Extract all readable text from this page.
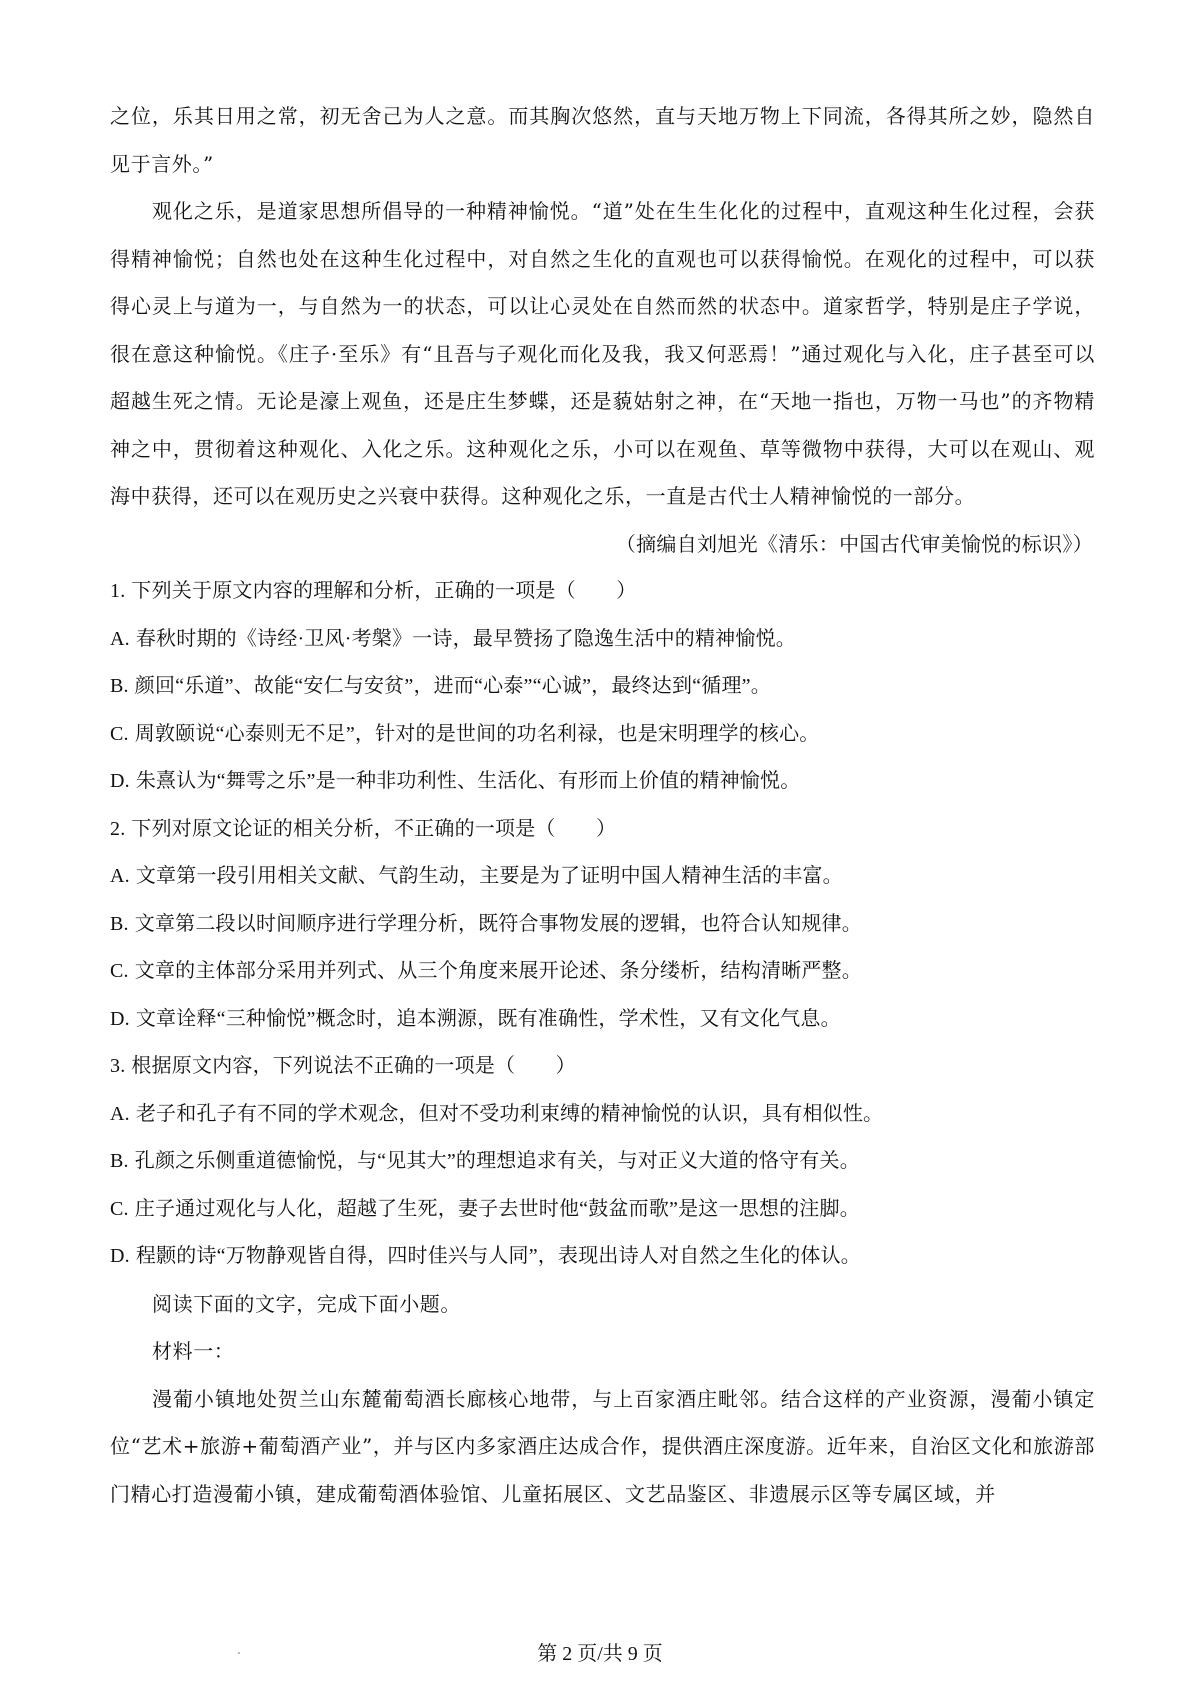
之位，乐其日用之常，初无舍己为人之意。而其胸次悠然，直与天地万物上下同流，各得其所之妙，隐然自见于言外。”

观化之乐，是道家思想所倡导的一种精神愉悦。“道”处在生生化化的过程中，直观这种生化过程，会获得精神愉悦；自然也处在这种生化过程中，对自然之生化的直观也可以获得愉悦。在观化的过程中，可以获得心灵上与道为一，与自然为一的状态，可以让心灵处在自然而然的状态中。道家哲学，特别是庄子学说，很在意这种愉悦。《庄子·至乐》有“且吾与子观化而化及我，我又何恶焉！”通过观化与入化，庄子甚至可以超越生死之情。无论是濠上观鱼，还是庄生梦蝶，还是藐姑射之神，在“天地一指也，万物一马也”的齐物精神之中，贯彻着这种观化、入化之乐。这种观化之乐，小可以在观鱼、草等微物中获得，大可以在观山、观海中获得，还可以在观历史之兴衰中获得。这种观化之乐，一直是古代士人精神愉悦的一部分。

（摘编自刘旭光《清乐：中国古代审美愉悦的标识》）

1. 下列关于原文内容的理解和分析，正确的一项是（　　）

A. 春秋时期的《诗经·卫风·考槃》一诗，最早赞扬了隐逸生活中的精神愉悦。

B. 颜回“乐道”、故能“安仁与安贫”，进而“心泰”“心诚”，最终达到“循理”。

C. 周敦颐说“心泰则无不足”，针对的是世间的功名利禄，也是宋明理学的核心。

D. 朱熹认为“舞雩之乐”是一种非功利性、生活化、有形而上价值的精神愉悦。

2. 下列对原文论证的相关分析，不正确的一项是（　　）

A. 文章第一段引用相关文献、气韵生动，主要是为了证明中国人精神生活的丰富。

B. 文章第二段以时间顺序进行学理分析，既符合事物发展的逻辑，也符合认知规律。

C. 文章的主体部分采用并列式、从三个角度来展开论述、条分缕析，结构清晰严整。

D. 文章诠释“三种愉悦”概念时，追本溯源，既有准确性，学术性，又有文化气息。

3. 根据原文内容，下列说法不正确的一项是（　　）

A. 老子和孔子有不同的学术观念，但对不受功利束缚的精神愉悦的认识，具有相似性。

B. 孔颜之乐侧重道德愉悦，与“见其大”的理想追求有关，与对正义大道的恪守有关。

C. 庄子通过观化与人化，超越了生死，妻子去世时他“鼓盆而歌”是这一思想的注脚。

D. 程颢的诗“万物静观皆自得，四时佳兴与人同”，表现出诗人对自然之生化的体认。

阅读下面的文字，完成下面小题。

材料一：

漫葡小镇地处贺兰山东麓葡萄酒长廊核心地带，与上百家酒庄毗邻。结合这样的产业资源，漫葡小镇定位“艺术+旅游+葡萄酒产业”，并与区内多家酒庄达成合作，提供酒庄深度游。近年来，自治区文化和旅游部门精心打造漫葡小镇，建成葡萄酒体验馆、儿童拓展区、文艺品鉴区、非遗展示区等专属区域，并

第 2 页/共 9 页
